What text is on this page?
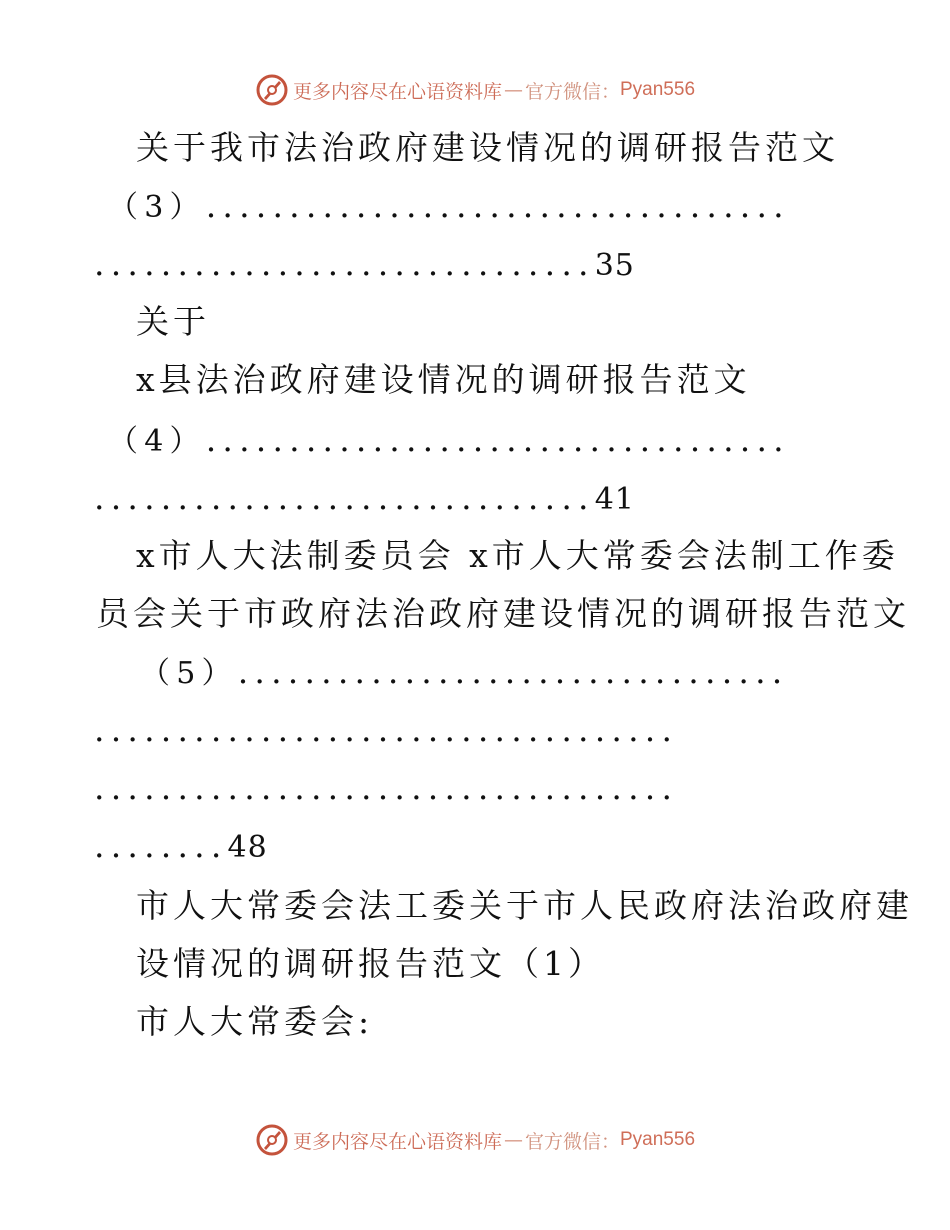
更多内容尽在心语资料库 — 官方微信： Pyan556
关于我市法治政府建设情况的调研报告范文
（3）...................................
..............................35
关于
x县法治政府建设情况的调研报告范文
（4）...................................
..............................41
x市人大法制委员会 x市人大常委会法制工作委
员会关于市政府法治政府建设情况的调研报告范文
（5）.................................
...................................
...................................
........48
市人大常委会法工委关于市人民政府法治政府建
设情况的调研报告范文（1）
市人大常委会:
更多内容尽在心语资料库 — 官方微信： Pyan556
